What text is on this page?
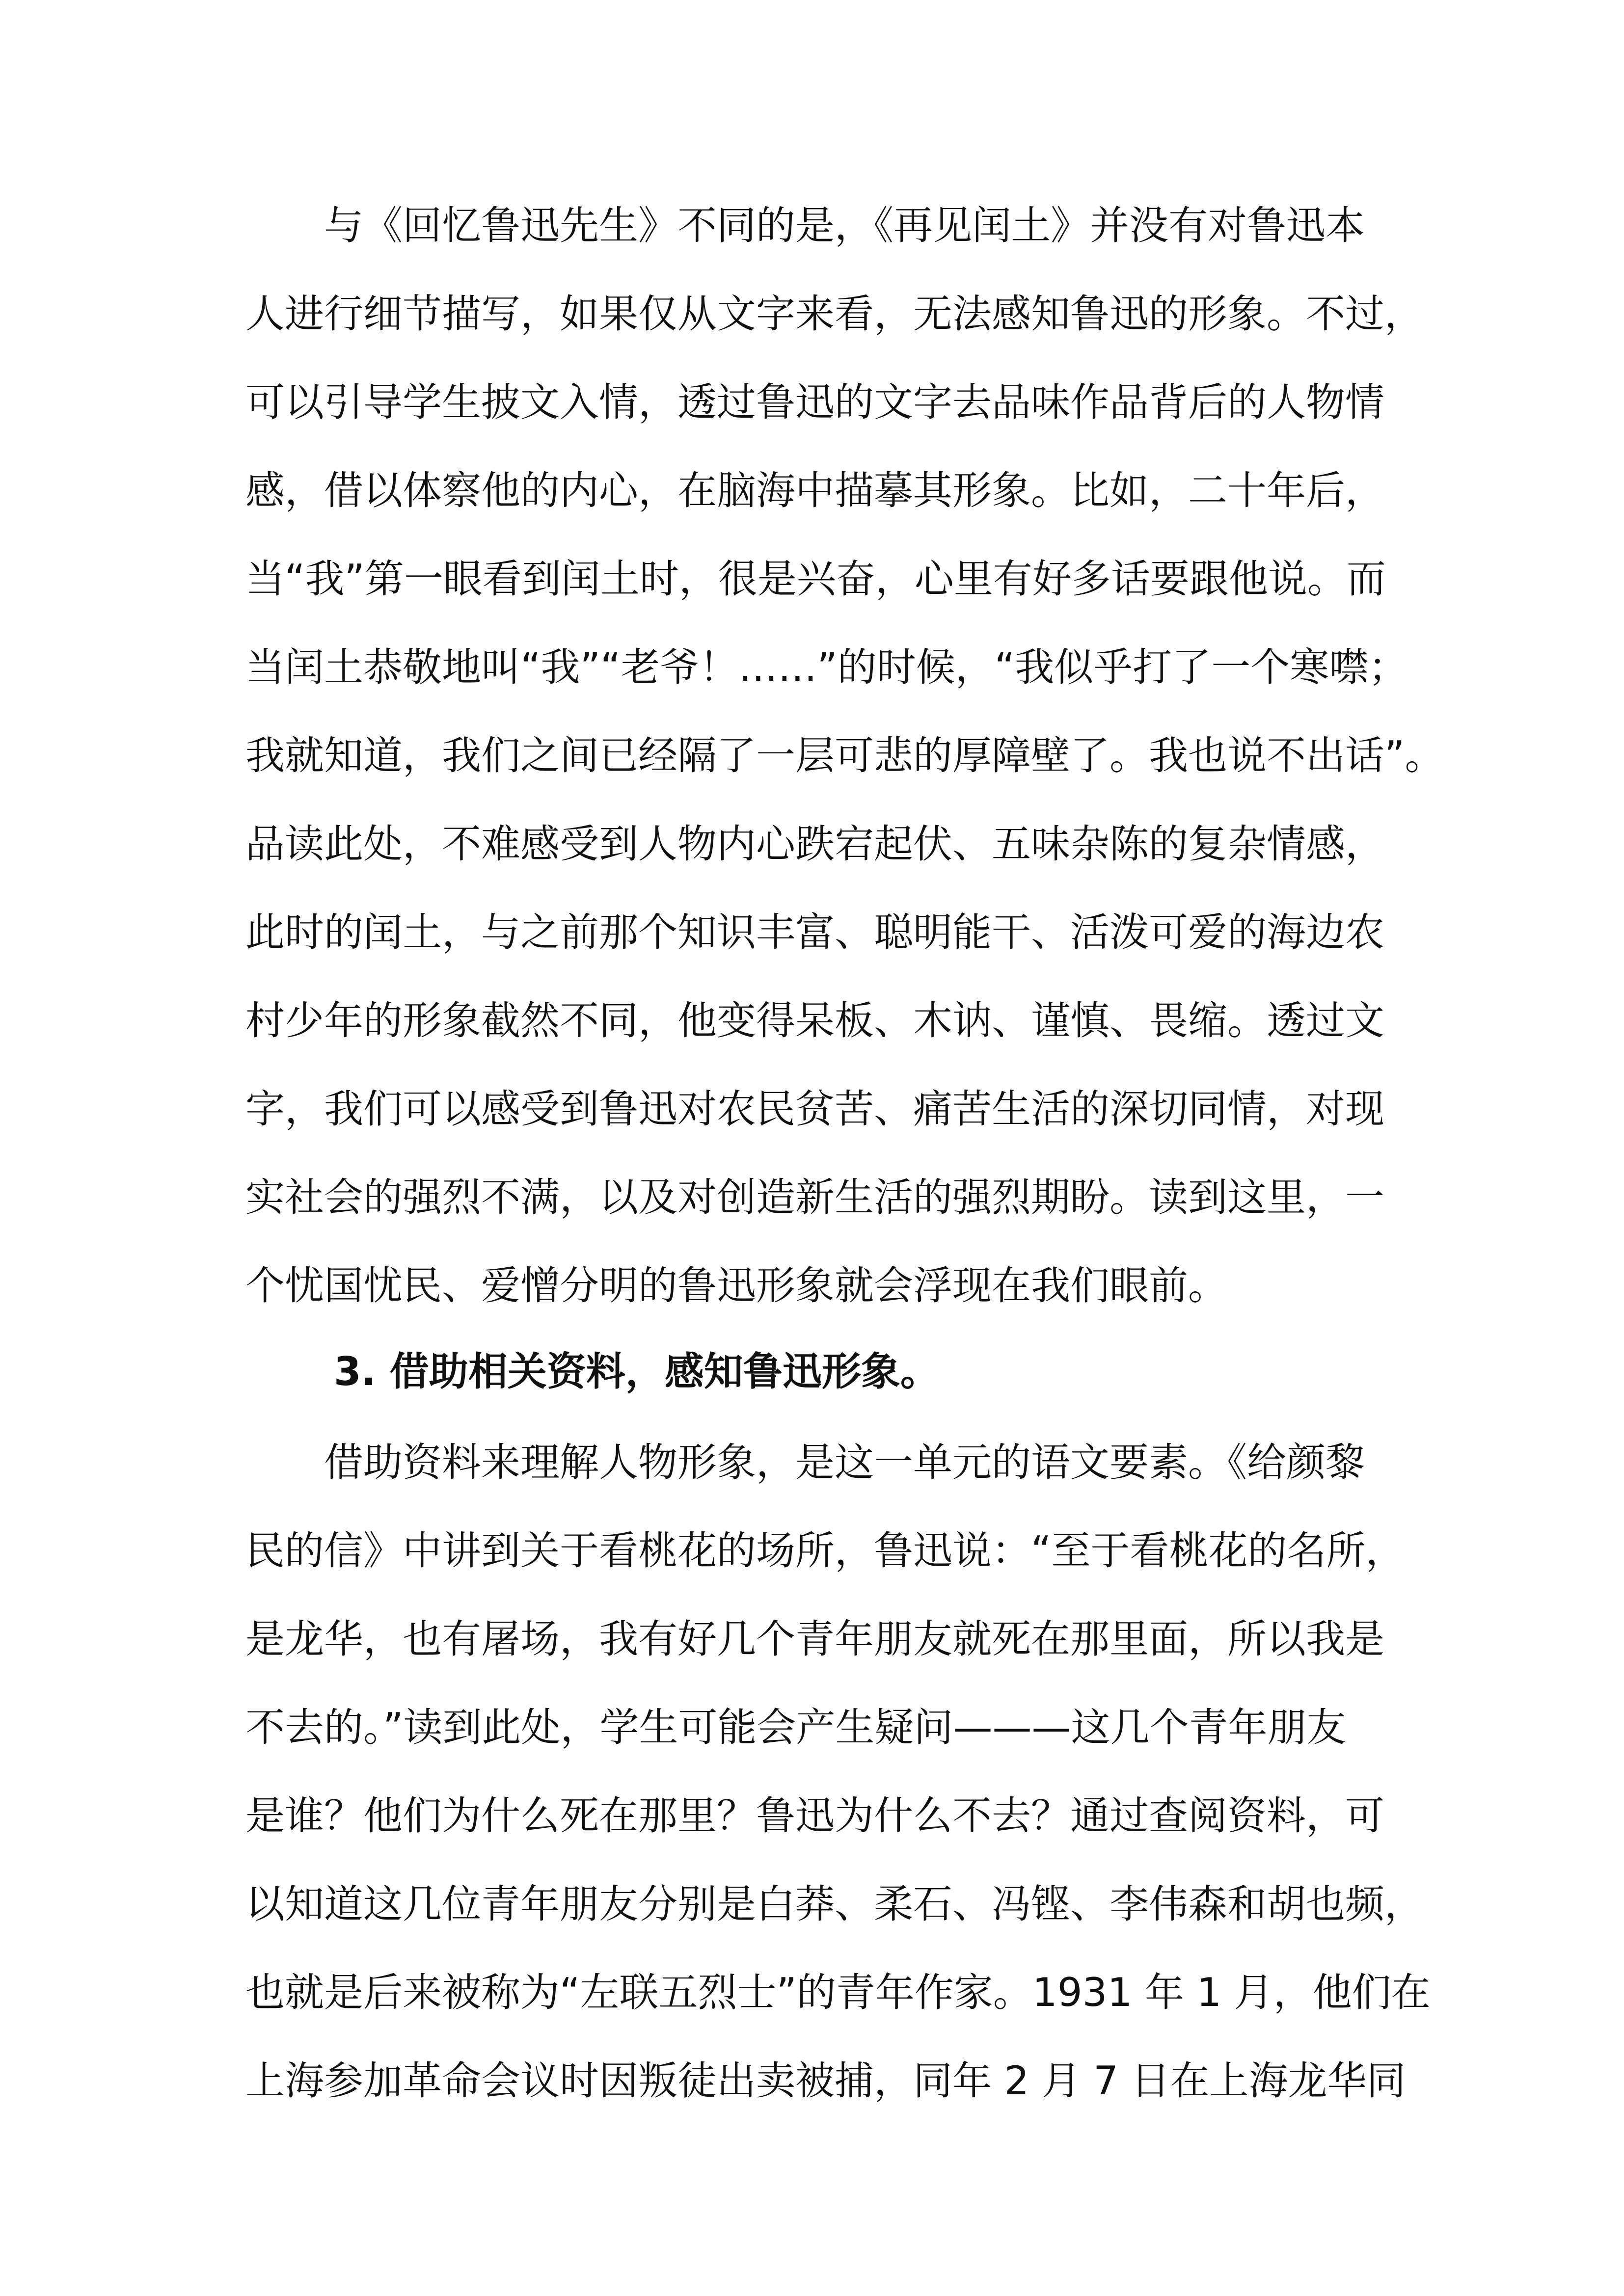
与《回忆鲁迅先生》不同的是，《再见闰土》并没有对鲁迅本
人进行细节描写，如果仅从文字来看，无法感知鲁迅的形象。不过，
可以引导学生披文入情，透过鲁迅的文字去品味作品背后的人物情
感，借以体察他的内心，在脑海中描摹其形象。比如，二十年后，
当“我”第一眼看到闰土时，很是兴奋，心里有好多话要跟他说。而
当闰土恭敬地叫“我”“老爷！……”的时候，“我似乎打了一个寒噤；
我就知道，我们之间已经隔了一层可悲的厚障壁了。我也说不出话”。
品读此处，不难感受到人物内心跌宕起伏、五味杂陈的复杂情感，
此时的闰土，与之前那个知识丰富、聪明能干、活泼可爱的海边农
村少年的形象截然不同，他变得呆板、木讷、谨慎、畏缩。透过文
字，我们可以感受到鲁迅对农民贫苦、痛苦生活的深切同情，对现
实社会的强烈不满，以及对创造新生活的强烈期盼。读到这里，一
个忧国忧民、爱憎分明的鲁迅形象就会浮现在我们眼前。
3. 借助相关资料，感知鲁迅形象。
借助资料来理解人物形象，是这一单元的语文要素。《给颜黎
民的信》中讲到关于看桃花的场所，鲁迅说：“至于看桃花的名所，
是龙华，也有屠场，我有好几个青年朋友就死在那里面，所以我是
不去的。”读到此处，学生可能会产生疑问———这几个青年朋友
是谁？他们为什么死在那里？鲁迅为什么不去？通过查阅资料，可
以知道这几位青年朋友分别是白莽、柔石、冯铿、李伟森和胡也频，
也就是后来被称为“左联五烈士”的青年作家。1931 年 1 月，他们在
上海参加革命会议时因叛徒出卖被捕，同年 2 月 7 日在上海龙华同
